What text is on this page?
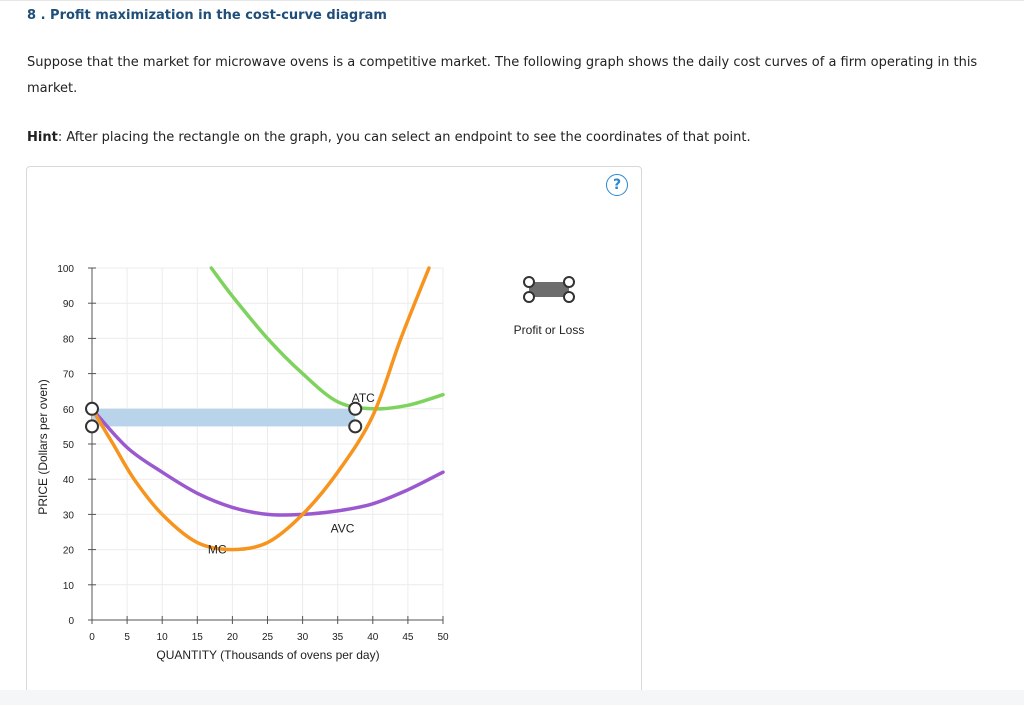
8 . Profit maximization in the cost-curve diagram
Suppose that the market for microwave ovens is a competitive market. The following graph shows the daily cost curves of a firm operating in this market.
Hint: After placing the rectangle on the graph, you can select an endpoint to see the coordinates of that point.
?
0	5	10 15 20 25 30 35 40 45 50
0
10
20
30
40
50
60
70
80
90
100
MC
ATC
AVC
QUANTITY (Thousands of ovens per day)
PRICE (Dollars per oven)
Profit or Loss
